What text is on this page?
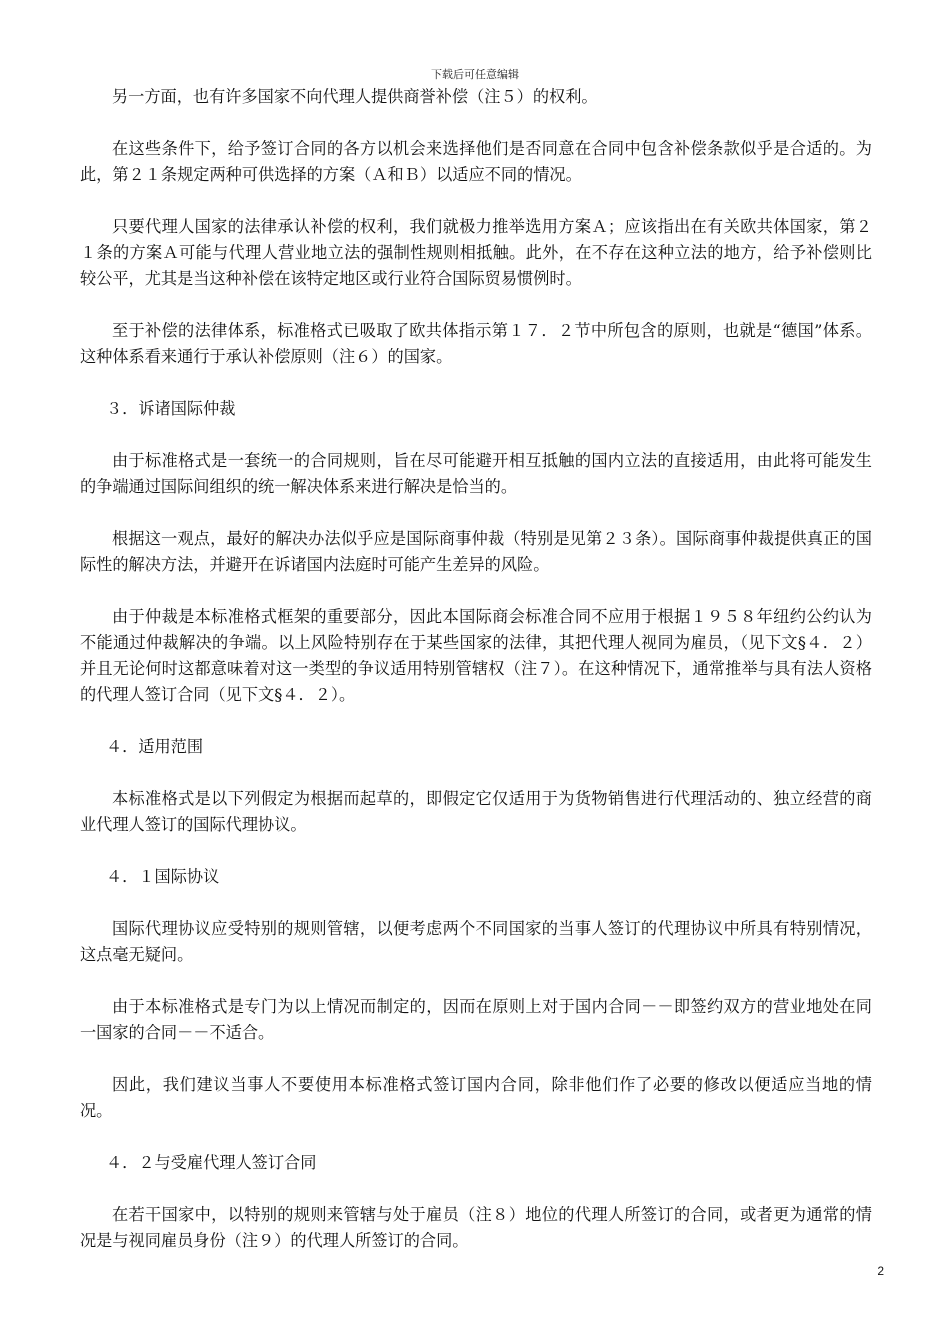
下载后可任意编辑

另一方面，也有许多国家不向代理人提供商誉补偿（注５）的权利。

在这些条件下，给予签订合同的各方以机会来选择他们是否同意在合同中包含补偿条款似乎是合适的。为此，第２１条规定两种可供选择的方案（Ａ和Ｂ）以适应不同的情况。

只要代理人国家的法律承认补偿的权利，我们就极力推举选用方案Ａ；应该指出在有关欧共体国家，第２１条的方案Ａ可能与代理人营业地立法的强制性规则相抵触。此外，在不存在这种立法的地方，给予补偿则比较公平，尤其是当这种补偿在该特定地区或行业符合国际贸易惯例时。

至于补偿的法律体系，标准格式已吸取了欧共体指示第１７．２节中所包含的原则，也就是“德国”体系。这种体系看来通行于承认补偿原则（注６）的国家。

３．诉诸国际仲裁

由于标准格式是一套统一的合同规则，旨在尽可能避开相互抵触的国内立法的直接适用，由此将可能发生的争端通过国际间组织的统一解决体系来进行解决是恰当的。

根据这一观点，最好的解决办法似乎应是国际商事仲裁（特别是见第２３条）。国际商事仲裁提供真正的国际性的解决方法，并避开在诉诸国内法庭时可能产生差异的风险。

由于仲裁是本标准格式框架的重要部分，因此本国际商会标准合同不应用于根据１９５８年纽约公约认为不能通过仲裁解决的争端。以上风险特别存在于某些国家的法律，其把代理人视同为雇员，（见下文§４．２）并且无论何时这都意味着对这一类型的争议适用特别管辖权（注７）。在这种情况下，通常推举与具有法人资格的代理人签订合同（见下文§４．２）。

４．适用范围

本标准格式是以下列假定为根据而起草的，即假定它仅适用于为货物销售进行代理活动的、独立经营的商业代理人签订的国际代理协议。

４．１国际协议

国际代理协议应受特别的规则管辖，以便考虑两个不同国家的当事人签订的代理协议中所具有特别情况，这点毫无疑问。

由于本标准格式是专门为以上情况而制定的，因而在原则上对于国内合同－－即签约双方的营业地处在同一国家的合同－－不适合。

因此，我们建议当事人不要使用本标准格式签订国内合同，除非他们作了必要的修改以便适应当地的情况。

４．２与受雇代理人签订合同

在若干国家中，以特别的规则来管辖与处于雇员（注８）地位的代理人所签订的合同，或者更为通常的情况是与视同雇员身份（注９）的代理人所签订的合同。

2
